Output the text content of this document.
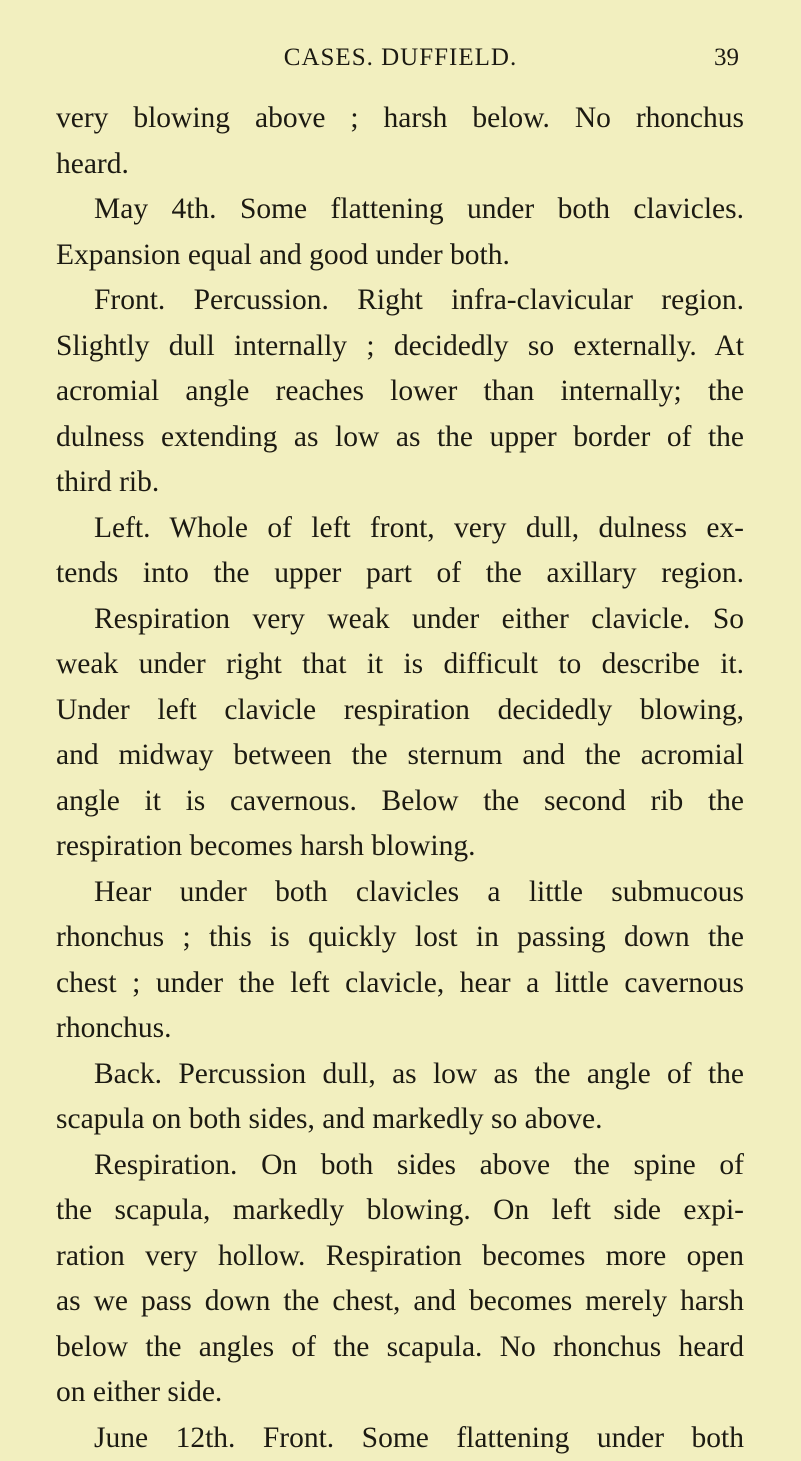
CASES. DUFFIELD.	39
very blowing above ; harsh below. No rhonchus
heard.
May 4th. Some flattening under both clavicles.
Expansion equal and good under both.
Front. Percussion. Right infra-clavicular region.
Slightly dull internally ; decidedly so externally. At
acromial angle reaches lower than internally; the
dulness extending as low as the upper border of the
third rib.
Left. Whole of left front, very dull, dulness ex-
tends into the upper part of the axillary region.
Respiration very weak under either clavicle. So
weak under right that it is difficult to describe it.
Under left clavicle respiration decidedly blowing,
and midway between the sternum and the acromial
angle it is cavernous. Below the second rib the
respiration becomes harsh blowing.
Hear under both clavicles a little submucous
rhonchus ; this is quickly lost in passing down the
chest ; under the left clavicle, hear a little cavernous
rhonchus.
Back. Percussion dull, as low as the angle of the
scapula on both sides, and markedly so above.
Respiration. On both sides above the spine of
the scapula, markedly blowing. On left side expi-
ration very hollow. Respiration becomes more open
as we pass down the chest, and becomes merely harsh
below the angles of the scapula. No rhonchus heard
on either side.
June 12th. Front. Some flattening under both
